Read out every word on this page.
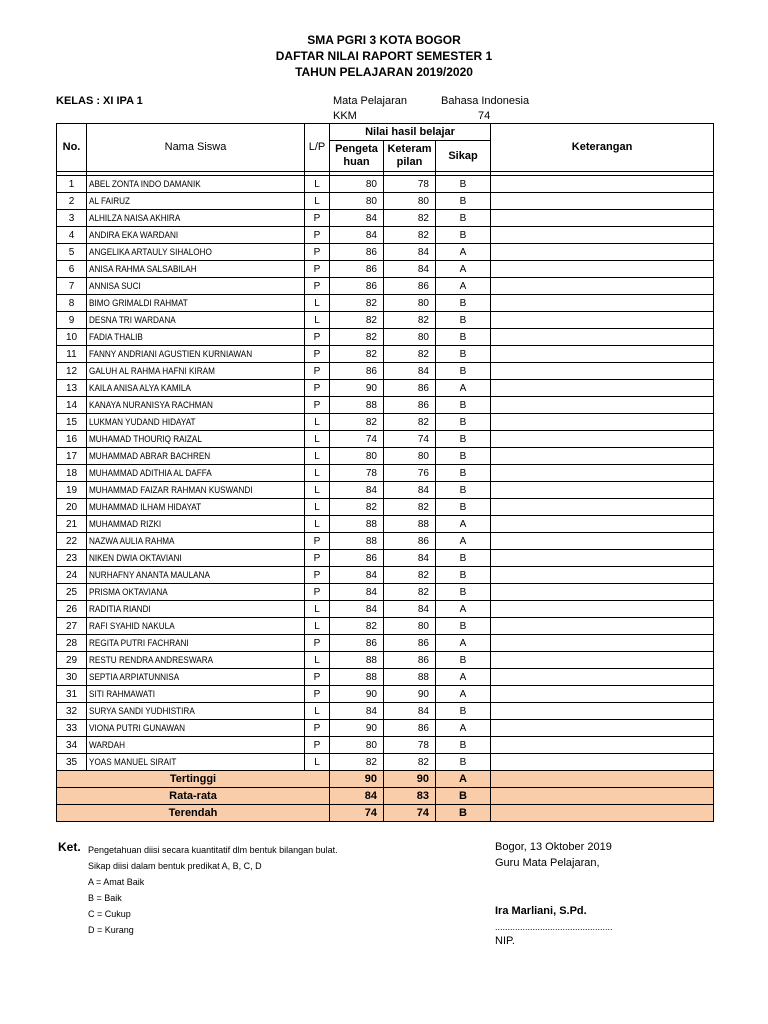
SMA PGRI 3 KOTA BOGOR
DAFTAR NILAI RAPORT SEMESTER 1
TAHUN PELAJARAN 2019/2020
KELAS : XI IPA 1	Mata Pelajaran	Bahasa Indonesia
KKM	74
No.	Nama Siswa	L/P	Nilai hasil belajar			Keterangan
			Pengeta huan	Keteram pilan	Sikap	

1	ABEL ZONTA INDO DAMANIK	L	80	78	B	
2	AL FAIRUZ	L	80	80	B	
3	ALHILZA NAISA AKHIRA	P	84	82	B	
4	ANDIRA EKA WARDANI	P	84	82	B	
5	ANGELIKA ARTAULY SIHALOHO	P	86	84	A	
6	ANISA RAHMA SALSABILAH	P	86	84	A	
7	ANNISA SUCI	P	86	86	A	
8	BIMO GRIMALDI RAHMAT	L	82	80	B	
9	DESNA TRI WARDANA	L	82	82	B	
10	FADIA THALIB	P	82	80	B	
11	FANNY ANDRIANI AGUSTIEN KURNIAWAN	P	82	82	B	
12	GALUH AL RAHMA HAFNI KIRAM	P	86	84	B	
13	KAILA ANISA ALYA KAMILA	P	90	86	A	
14	KANAYA NURANISYA RACHMAN	P	88	86	B	
15	LUKMAN YUDAND HIDAYAT	L	82	82	B	
16	MUHAMAD THOURIQ RAIZAL	L	74	74	B	
17	MUHAMMAD ABRAR BACHREN	L	80	80	B	
18	MUHAMMAD ADITHIA AL DAFFA	L	78	76	B	
19	MUHAMMAD FAIZAR RAHMAN KUSWANDI	L	84	84	B	
20	MUHAMMAD ILHAM HIDAYAT	L	82	82	B	
21	MUHAMMAD RIZKI	L	88	88	A	
22	NAZWA AULIA RAHMA	P	88	86	A	
23	NIKEN DWIA OKTAVIANI	P	86	84	B	
24	NURHAFNY ANANTA MAULANA	P	84	82	B	
25	PRISMA OKTAVIANA	P	84	82	B	
26	RADITIA RIANDI	L	84	84	A	
27	RAFI SYAHID NAKULA	L	82	80	B	
28	REGITA PUTRI FACHRANI	P	86	86	A	
29	RESTU RENDRA ANDRESWARA	L	88	86	B	
30	SEPTIA ARPIATUNNISA	P	88	88	A	
31	SITI RAHMAWATI	P	90	90	A	
32	SURYA SANDI YUDHISTIRA	L	84	84	B	
33	VIONA PUTRI GUNAWAN	P	90	86	A	
34	WARDAH	P	80	78	B	
35	YOAS MANUEL SIRAIT	L	82	82	B	
Tertinggi			90	90	A	
Rata-rata			84	83	B	
Terendah			74	74	B	
Ket. Pengetahuan diisi secara kuantitatif dlm bentuk bilangan bulat.
Sikap diisi dalam bentuk predikat A, B, C, D
A = Amat Baik
B = Baik
C = Cukup
D = Kurang
Bogor, 13 Oktober 2019
Guru Mata Pelajaran,
Ira Marliani, S.Pd.
...............................................
NIP.
